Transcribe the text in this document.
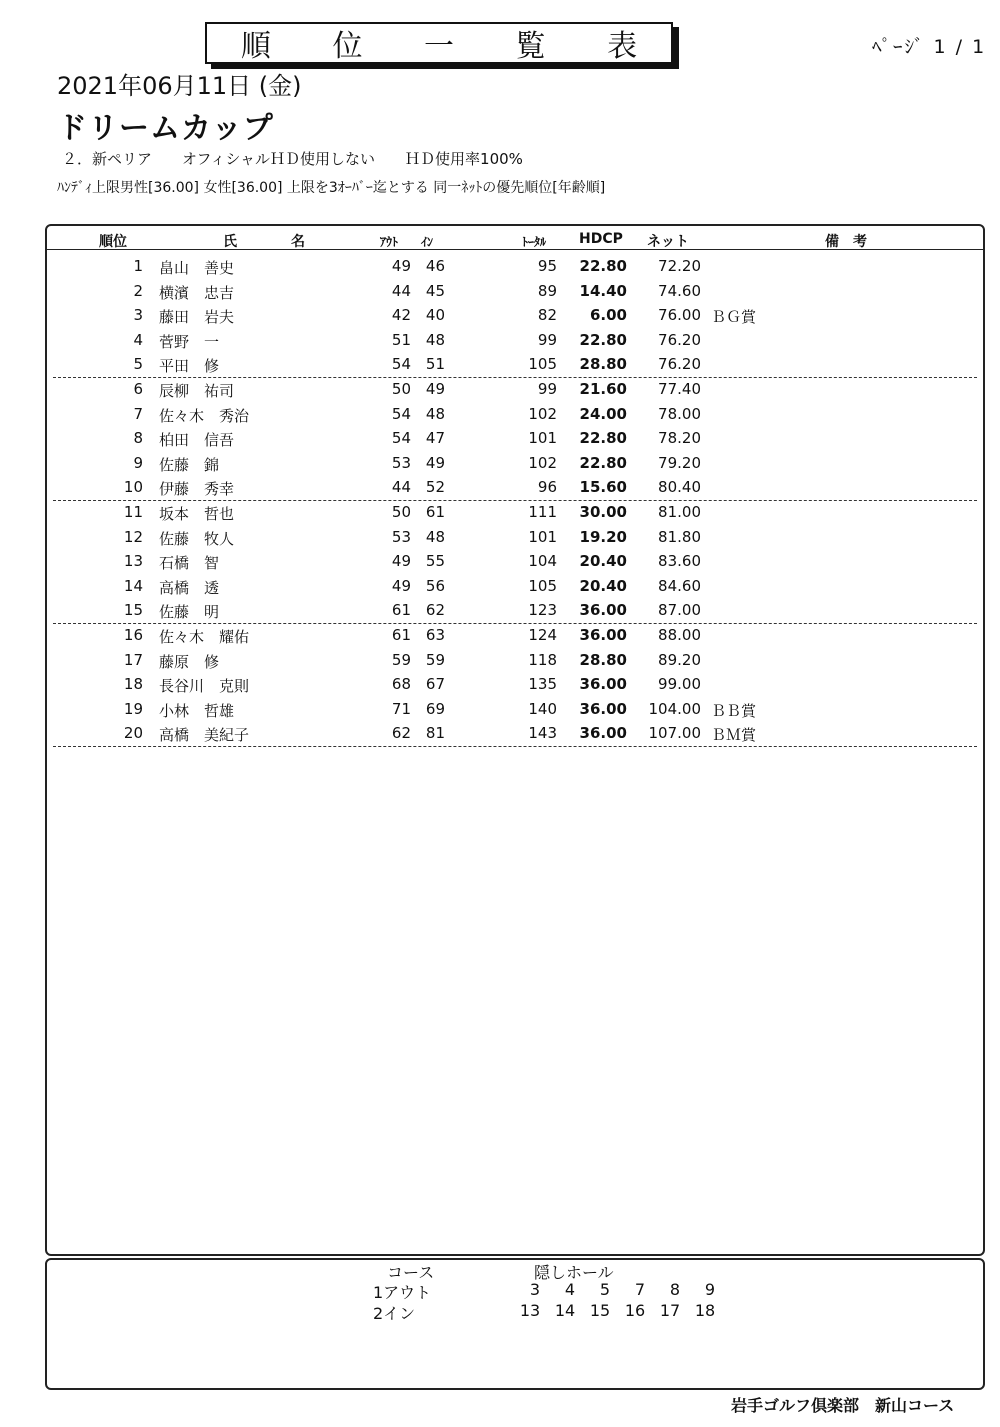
順 位 一 覧 表	ﾍﾟｰｼﾞ 1 / 1
2021年06月11日 (金)
ドリームカップ
２．新ペリア　　オフィシャルＨＤ使用しない　　ＨＤ使用率100%
ﾊﾝﾃﾞｨ上限男性[36.00] 女性[36.00] 上限を3ｵｰﾊﾞｰ迄とする 同一ﾈｯﾄの優先順位[年齢順]
順位	氏	名	ｱｳﾄ ｲﾝ	ﾄｰﾀﾙ HDCP ネット	備　考
1 畠山　善史	49 46	95	22.80	72.20
2 横濱　忠吉	44 45	89	14.40	74.60
3 藤田　岩夫	42 40	82	6.00	76.00 ＢＧ賞
4 菅野　一	51 48	99	22.80	76.20
5 平田　修	54 51	105	28.80	76.20
6 辰柳　祐司	50 49	99	21.60	77.40
7 佐々木　秀治	54 48	102	24.00	78.00
8 柏田　信吾	54 47	101	22.80	78.20
9 佐藤　錦	53 49	102	22.80	79.20
10 伊藤　秀幸	44 52	96	15.60	80.40
11 坂本　哲也	50 61	111	30.00	81.00
12 佐藤　牧人	53 48	101	19.20	81.80
13 石橋　智	49 55	104	20.40	83.60
14 高橋　透	49 56	105	20.40	84.60
15 佐藤　明	61 62	123	36.00	87.00
16 佐々木　耀佑	61 63	124	36.00	88.00
17 藤原　修	59 59	118	28.80	89.20
18 長谷川　克則	68 67	135	36.00	99.00
19 小林　哲雄	71 69	140	36.00	104.00 ＢＢ賞
20 高橋　美紀子	62 81	143	36.00	107.00 ＢＭ賞
コース	隠しホール
1アウト	3	4	5	7	8	9
2イン	13 14 15 16 17 18
岩手ゴルフ倶楽部　新山コース
